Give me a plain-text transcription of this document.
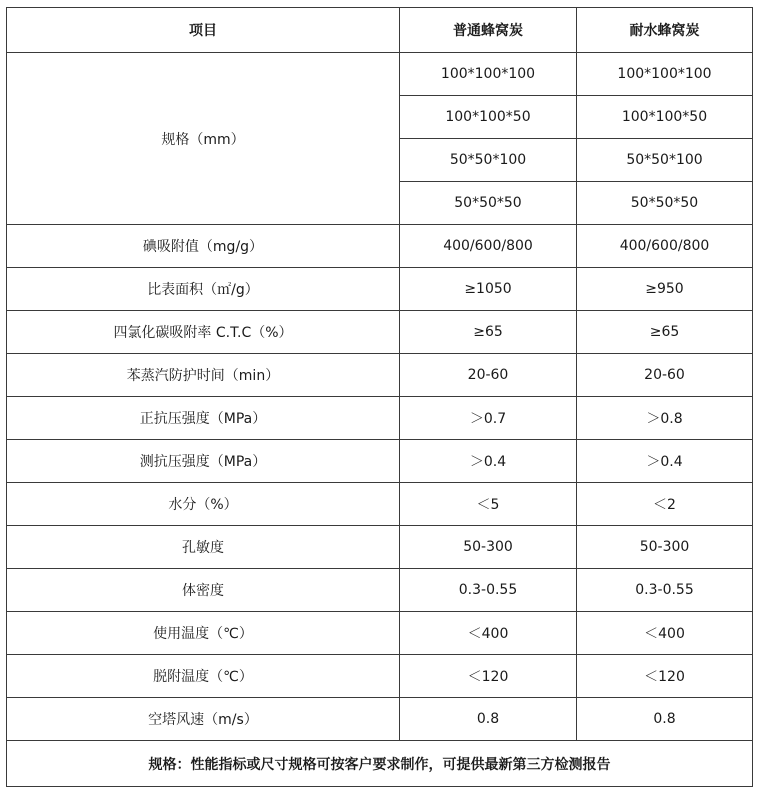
项目	普通蜂窝炭	耐水蜂窝炭
规格（mm）	100*100*100	100*100*100
	100*100*50	100*100*50
	50*50*100	50*50*100
	50*50*50	50*50*50
碘吸附值（mg/g）	400/600/800	400/600/800
比表面积（㎡/g）	≥1050	≥950
四氯化碳吸附率 C.T.C（%）	≥65	≥65
苯蒸汽防护时间（min）	20-60	20-60
正抗压强度（MPa）	＞0.7	＞0.8
测抗压强度（MPa）	＞0.4	＞0.4
水分（%）	＜5	＜2
孔敏度	50-300	50-300
体密度	0.3-0.55	0.3-0.55
使用温度（℃）	＜400	＜400
脱附温度（℃）	＜120	＜120
空塔风速（m/s）	0.8	0.8
规格：性能指标或尺寸规格可按客户要求制作，可提供最新第三方检测报告		
